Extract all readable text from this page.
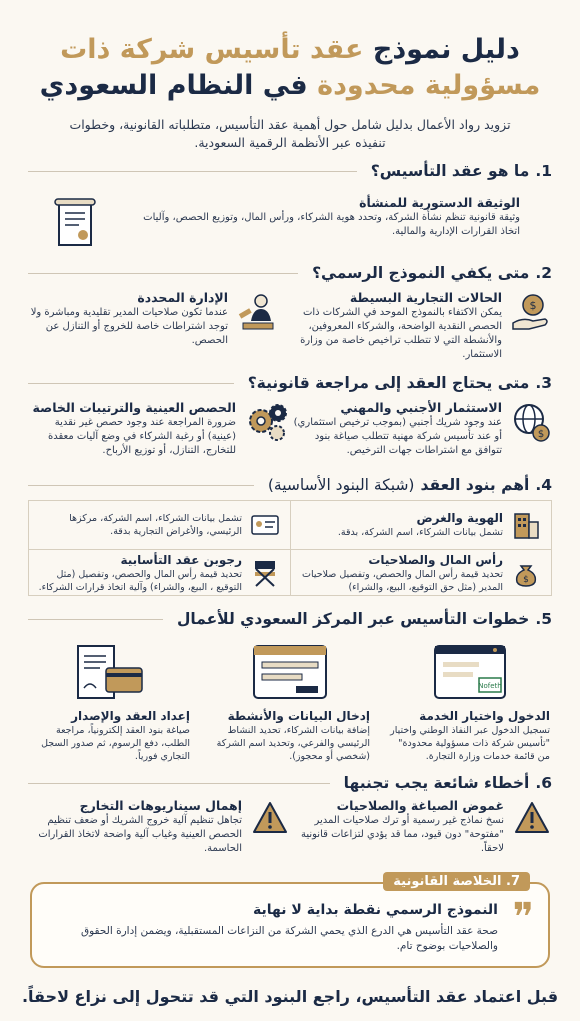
دليل نموذج عقد تأسيس شركة ذات
مسؤولية محدودة في النظام السعودي

تزويد رواد الأعمال بدليل شامل حول أهمية عقد التأسيس، متطلباته القانونية، وخطوات تنفيذه عبر الأنظمة الرقمية السعودية.

1.
ما هو عقد التأسيس؟
الوثيقة الدستورية للمنشأة

وثيقة قانونية تنظم نشأة الشركة، وتحدد هوية الشركاء، ورأس المال، وتوزيع الحصص، وآليات اتخاذ القرارات الإدارية والمالية.

2.
متى يكفي النموذج الرسمي؟
$
الحالات التجارية البسيطة

يمكن الاكتفاء بالنموذج الموحد في الشركات ذات الحصص النقدية الواضحة، والشركاء المعروفين، والأنشطة التي لا تتطلب تراخيص خاصة من وزارة الاستثمار.

الإدارة المحددة

عندما تكون صلاحيات المدير تقليدية ومباشرة ولا توجد اشتراطات خاصة للخروج أو التنازل عن الحصص.

3.
متى يحتاج العقد إلى مراجعة قانونية؟
$
الاستثمار الأجنبي والمهني

عند وجود شريك أجنبي (بموجب ترخيص استثماري) أو عند تأسيس شركة مهنية تتطلب صياغة بنود تتوافق مع اشتراطات جهات الترخيص.

الحصص العينية والترتيبات الخاصة

ضرورة المراجعة عند وجود حصص غير نقدية (عينية) أو رغبة الشركاء في وضع آليات معقدة للتخارج، التنازل، أو توزيع الأرباح.

4.
أهم بنود العقد
(شبكة البنود الأساسية)
الهوية والغرض

تشمل بيانات الشركاء، اسم الشركة، بدقة.

تشمل بيانات الشركاء، اسم الشركة، مركزها الرئيسي، والأغراض التجارية بدقة.

$
رأس المال والصلاحيات

تحديد قيمة رأس المال والحصص، وتفصيل صلاحيات المدير (مثل حق التوقيع، البيع، والشراء)

رجوبن عقد التأسابية

تحديد قيمة رأس المال والحصص، وتفصيل (مثل التوقيع ، البيع، والشراء) وآلية اتخاذ قرارات الشركاء.

5.
خطوات التأسيس عبر المركز السعودي للأعمال
Nofeth
الدخول واختيار الخدمة

تسجيل الدخول عبر النفاذ الوطني واختيار "تأسيس شركة ذات مسؤولية محدودة" من قائمة خدمات وزارة التجارة.

إدخال البيانات والأنشطة

إضافة بيانات الشركاء، تحديد النشاط الرئيسي والفرعي، وتحديد اسم الشركة (شخصي أو محجوز).

إعداد العقد والإصدار

صياغة بنود العقد إلكترونياً، مراجعة الطلب، دفع الرسوم، ثم صدور السجل التجاري فورياً.

6.
أخطاء شائعة يجب تجنبها
غموض الصياغة والصلاحيات

نسخ نماذج غير رسمية أو ترك صلاحيات المدير "مفتوحة" دون قيود، مما قد يؤدي لتزاعات قانونية لاحقاً.

إهمال سيناريوهات التخارج

تجاهل تنظيم آلية خروج الشريك أو ضعف تنظيم الحصص العينية وغياب آلية واضحة لاتخاذ القرارات الحاسمة.

7. الخلاصة القانونية
❞
النموذج الرسمي نقطة بداية لا نهاية

صحة عقد التأسيس هي الدرع الذي يحمي الشركة من النزاعات المستقبلية، ويضمن إدارة الحقوق والصلاحيات بوضوح تام.

قبل اعتماد عقد التأسيس، راجع البنود التي قد تتحول إلى نزاع لاحقاً.
